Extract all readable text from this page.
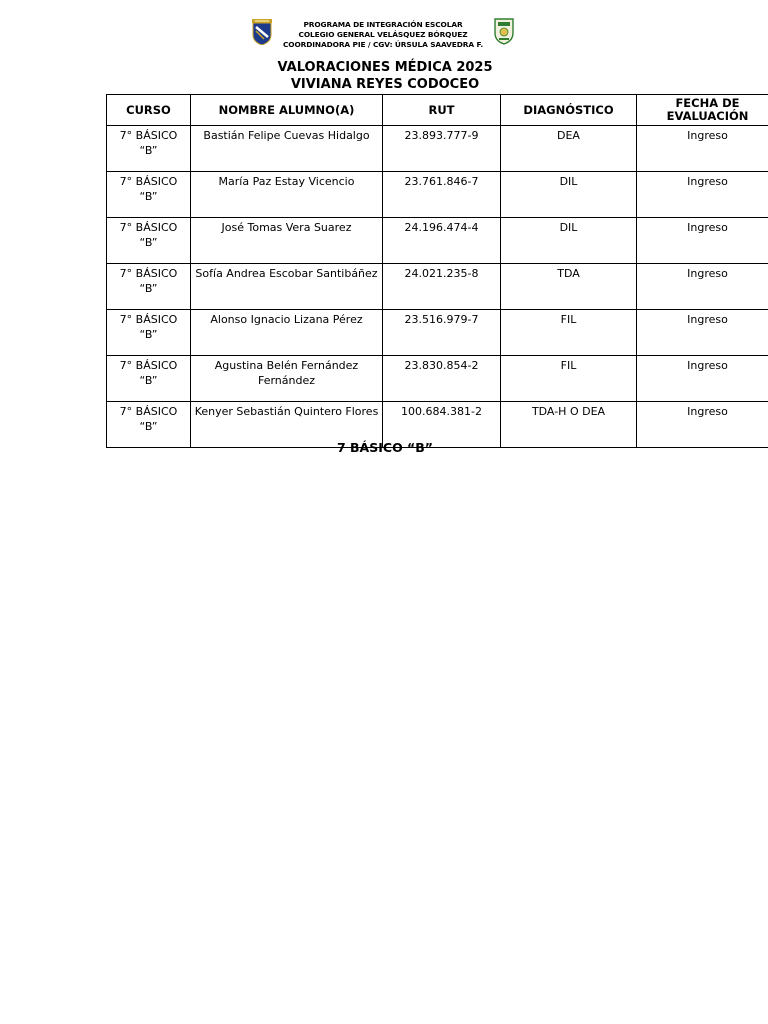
PROGRAMA DE INTEGRACIÓN ESCOLAR
COLEGIO GENERAL VELÁSQUEZ BÓRQUEZ
COORDINADORA PIE / CGV: ÚRSULA SAAVEDRA F.
VALORACIONES MÉDICA 2025
VIVIANA REYES CODOCEO
CURSO	NOMBRE ALUMNO(A)	RUT	DIAGNÓSTICO	FECHA DE EVALUACIÓN
7° BÁSICO “B”	Bastián Felipe Cuevas Hidalgo	23.893.777-9	DEA	Ingreso
7° BÁSICO “B”	María Paz Estay Vicencio	23.761.846-7	DIL	Ingreso
7° BÁSICO “B”	José Tomas Vera Suarez	24.196.474-4	DIL	Ingreso
7° BÁSICO “B”	Sofía Andrea Escobar Santibáñez	24.021.235-8	TDA	Ingreso
7° BÁSICO “B”	Alonso Ignacio Lizana Pérez	23.516.979-7	FIL	Ingreso
7° BÁSICO “B”	Agustina Belén Fernández Fernández	23.830.854-2	FIL	Ingreso
7° BÁSICO “B”	Kenyer Sebastián Quintero Flores	100.684.381-2	TDA-H O DEA	Ingreso
7 BÁSICO “B”
